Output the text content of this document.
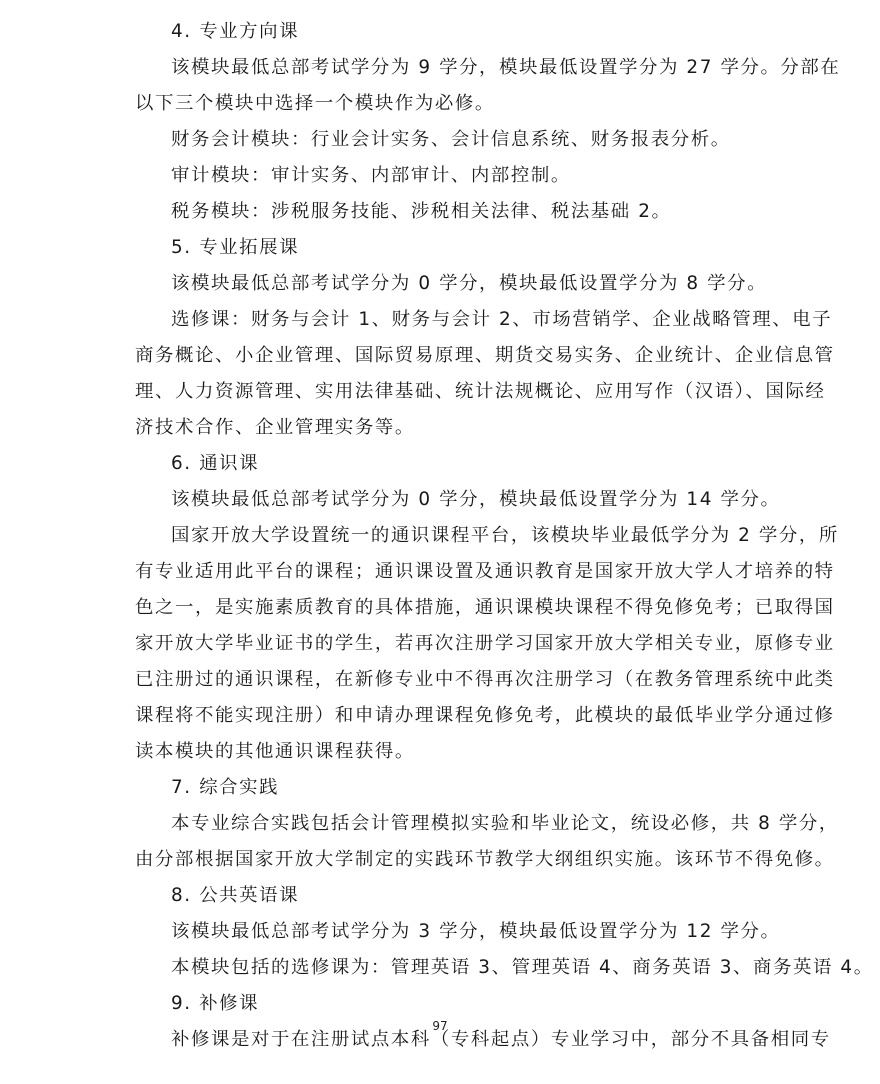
4. 专业方向课
该模块最低总部考试学分为 9 学分，模块最低设置学分为 27 学分。分部在
以下三个模块中选择一个模块作为必修。
财务会计模块：行业会计实务、会计信息系统、财务报表分析。
审计模块：审计实务、内部审计、内部控制。
税务模块：涉税服务技能、涉税相关法律、税法基础 2。
5. 专业拓展课
该模块最低总部考试学分为 0 学分，模块最低设置学分为 8 学分。
选修课：财务与会计 1、财务与会计 2、市场营销学、企业战略管理、电子
商务概论、小企业管理、国际贸易原理、期货交易实务、企业统计、企业信息管
理、人力资源管理、实用法律基础、统计法规概论、应用写作（汉语）、国际经
济技术合作、企业管理实务等。
6. 通识课
该模块最低总部考试学分为 0 学分，模块最低设置学分为 14 学分。
国家开放大学设置统一的通识课程平台，该模块毕业最低学分为 2 学分，所
有专业适用此平台的课程；通识课设置及通识教育是国家开放大学人才培养的特
色之一，是实施素质教育的具体措施，通识课模块课程不得免修免考；已取得国
家开放大学毕业证书的学生，若再次注册学习国家开放大学相关专业，原修专业
已注册过的通识课程，在新修专业中不得再次注册学习（在教务管理系统中此类
课程将不能实现注册）和申请办理课程免修免考，此模块的最低毕业学分通过修
读本模块的其他通识课程获得。
7. 综合实践
本专业综合实践包括会计管理模拟实验和毕业论文，统设必修，共 8 学分，
由分部根据国家开放大学制定的实践环节教学大纲组织实施。该环节不得免修。
8. 公共英语课
该模块最低总部考试学分为 3 学分，模块最低设置学分为 12 学分。
本模块包括的选修课为：管理英语 3、管理英语 4、商务英语 3、商务英语 4。
9. 补修课
补修课是对于在注册试点本科（专科起点）专业学习中，部分不具备相同专
97
